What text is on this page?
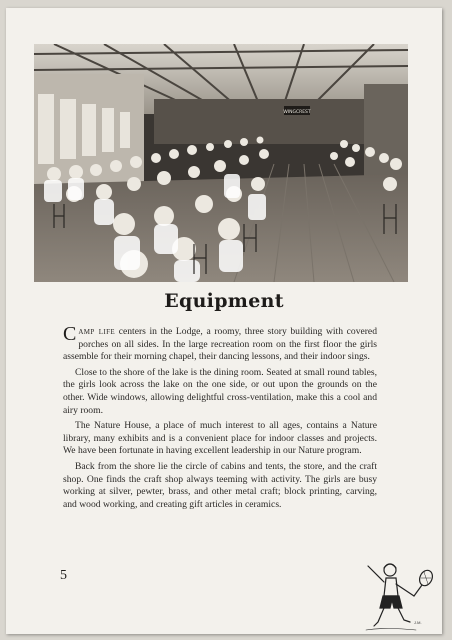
WINGCREST
Equipment

Camp life centers in the Lodge, a roomy, three story building with covered porches on all sides. In the large recreation room on the first floor the girls assemble for their morning chapel, their dancing lessons, and their indoor sings.

Close to the shore of the lake is the dining room. Seated at small round tables, the girls look across the lake on the one side, or out upon the grounds on the other. Wide windows, allowing delightful cross-ventilation, make this a cool and airy room.

The Nature House, a place of much interest to all ages, contains a Nature library, many exhibits and is a convenient place for indoor classes and projects. We have been fortunate in having excellent leadership in our Nature program.

Back from the shore lie the circle of cabins and tents, the store, and the craft shop. One finds the craft shop always teeming with activity. The girls are busy working at silver, pewter, brass, and other metal craft; block printing, carving, and wood working, and creating gift articles in ceramics.

5
J.M.
